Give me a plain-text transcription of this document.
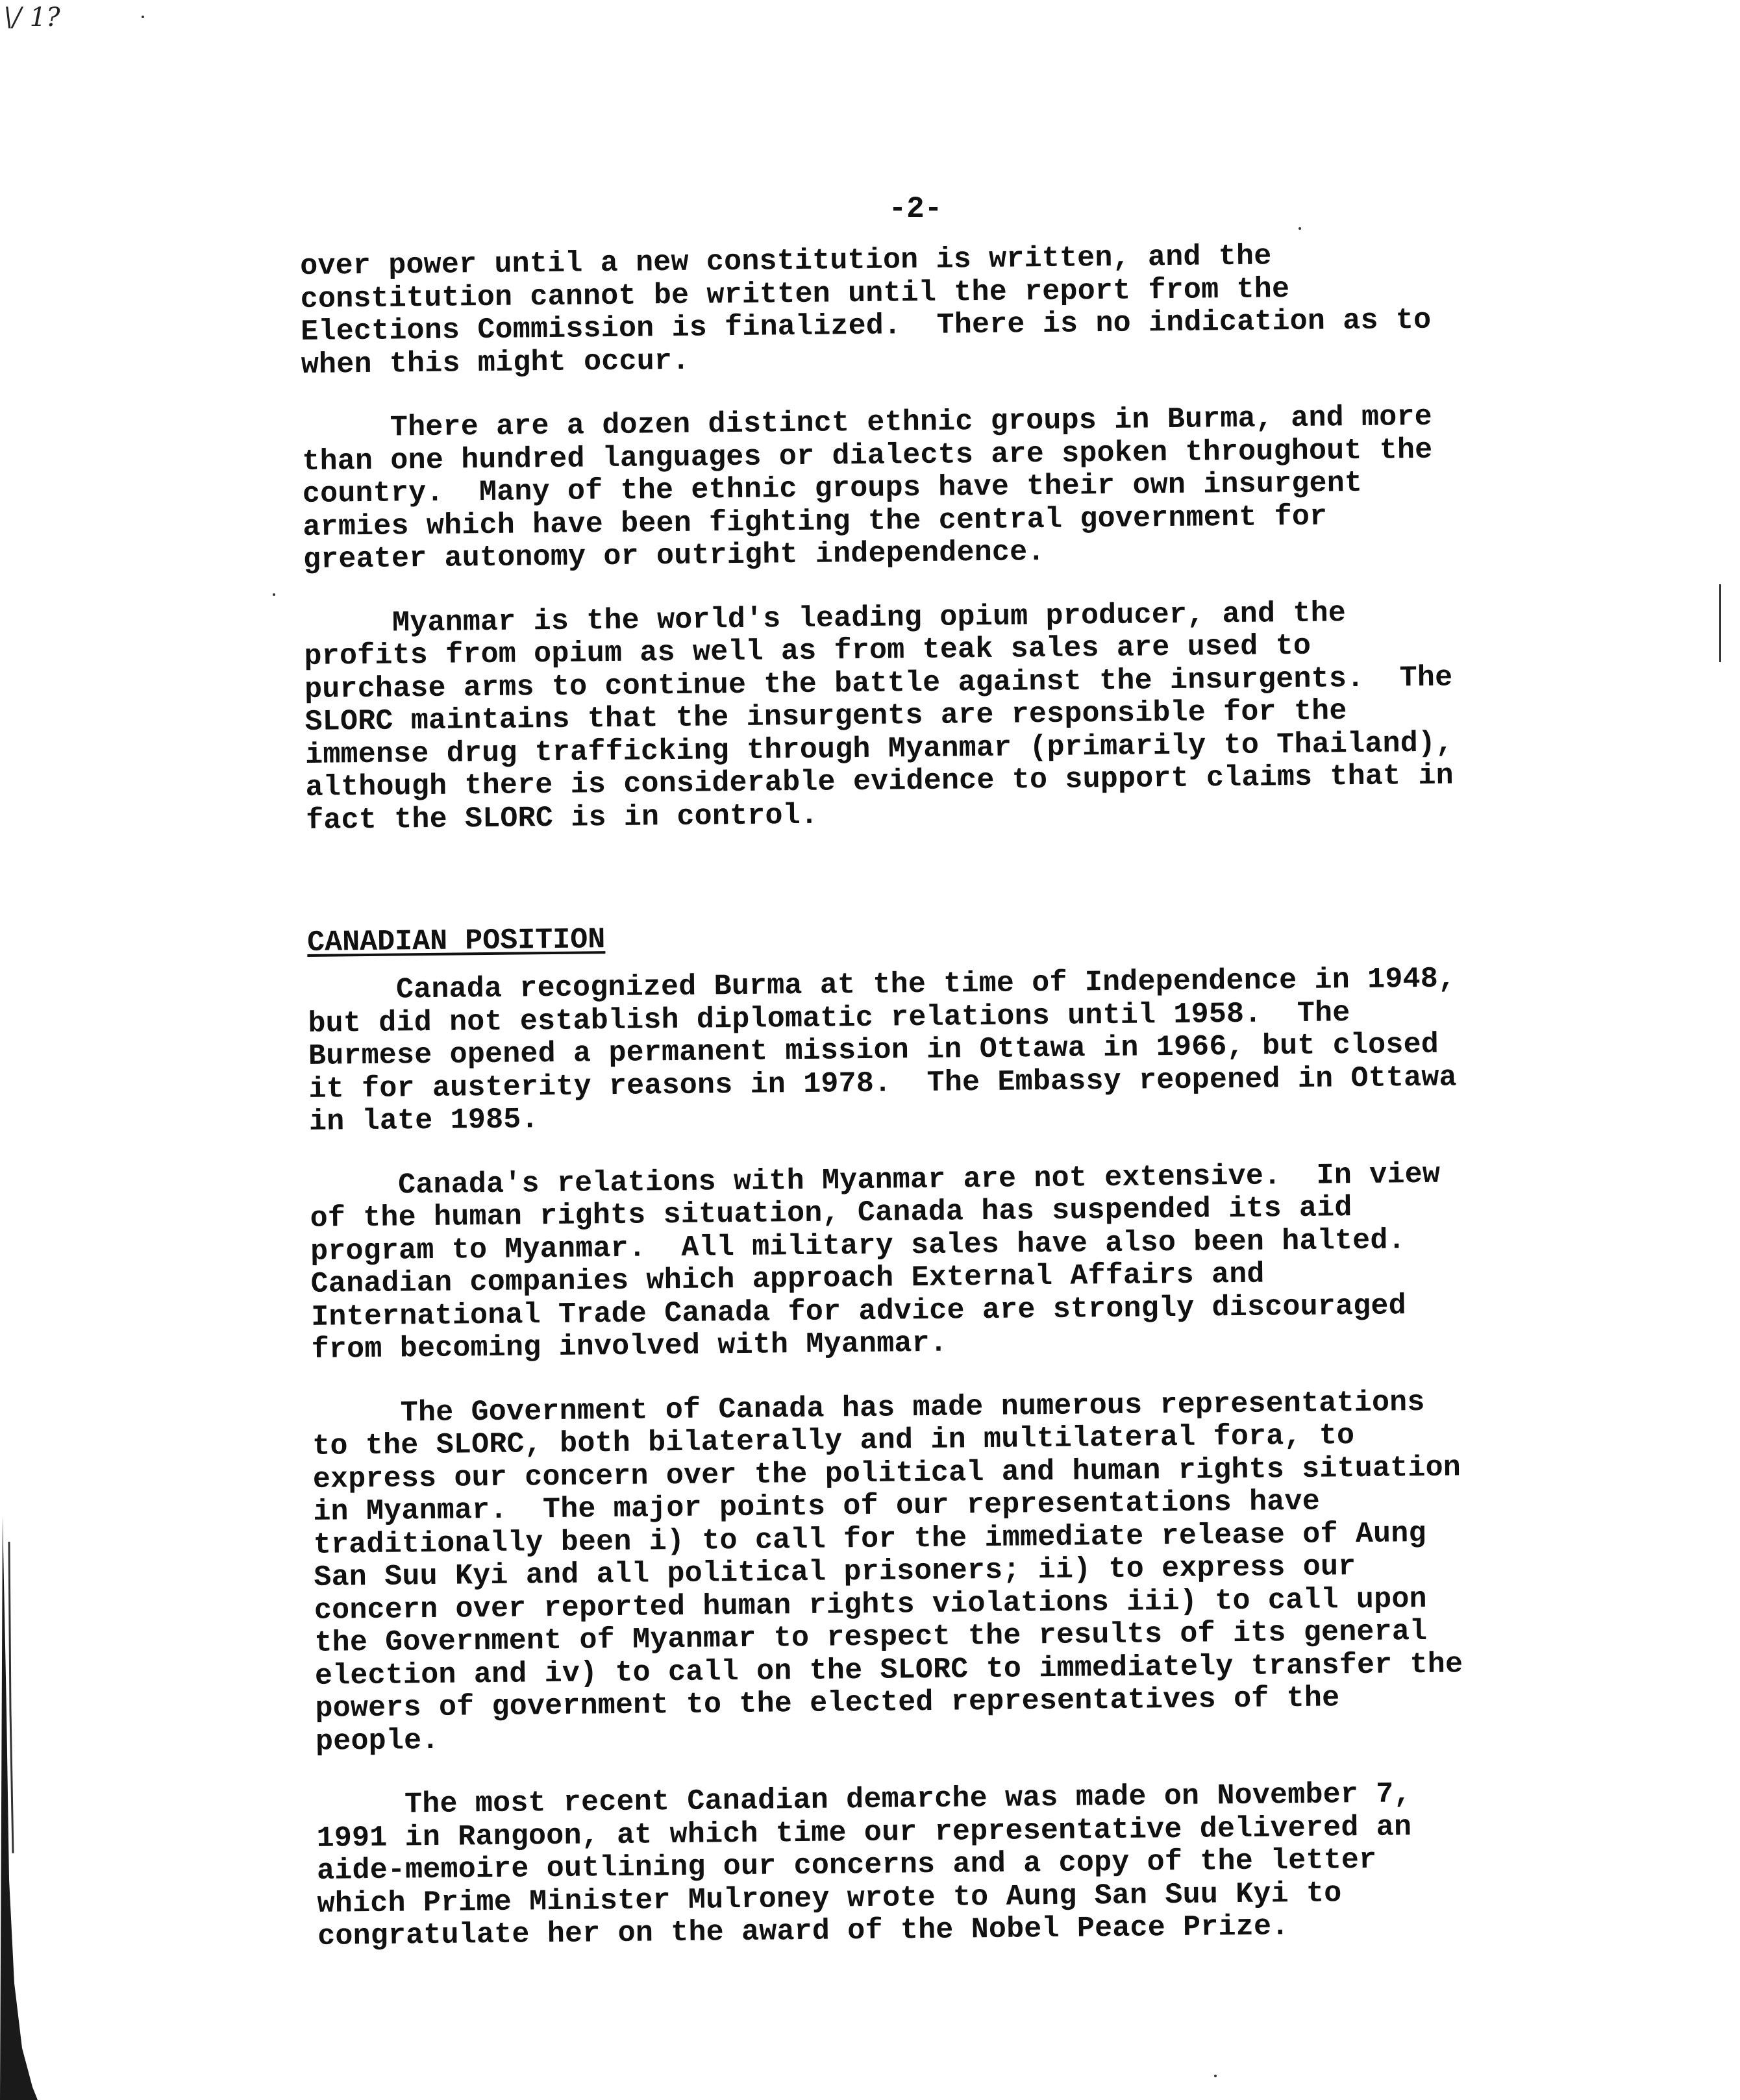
\/ 1?
-2-

over power until a new constitution is written, and the
constitution cannot be written until the report from the
Elections Commission is finalized.  There is no indication as to
when this might occur.

There are a dozen distinct ethnic groups in Burma, and more
than one hundred languages or dialects are spoken throughout the
country.  Many of the ethnic groups have their own insurgent
armies which have been fighting the central government for
greater autonomy or outright independence.

Myanmar is the world's leading opium producer, and the
profits from opium as well as from teak sales are used to
purchase arms to continue the battle against the insurgents.  The
SLORC maintains that the insurgents are responsible for the
immense drug trafficking through Myanmar (primarily to Thailand),
although there is considerable evidence to support claims that in
fact the SLORC is in control.

CANADIAN POSITION

Canada recognized Burma at the time of Independence in 1948,
but did not establish diplomatic relations until 1958.  The
Burmese opened a permanent mission in Ottawa in 1966, but closed
it for austerity reasons in 1978.  The Embassy reopened in Ottawa
in late 1985.

Canada's relations with Myanmar are not extensive.  In view
of the human rights situation, Canada has suspended its aid
program to Myanmar.  All military sales have also been halted.
Canadian companies which approach External Affairs and
International Trade Canada for advice are strongly discouraged
from becoming involved with Myanmar.

The Government of Canada has made numerous representations
to the SLORC, both bilaterally and in multilateral fora, to
express our concern over the political and human rights situation
in Myanmar.  The major points of our representations have
traditionally been i) to call for the immediate release of Aung
San Suu Kyi and all political prisoners; ii) to express our
concern over reported human rights violations iii) to call upon
the Government of Myanmar to respect the results of its general
election and iv) to call on the SLORC to immediately transfer the
powers of government to the elected representatives of the
people.

The most recent Canadian demarche was made on November 7,
1991 in Rangoon, at which time our representative delivered an
aide-memoire outlining our concerns and a copy of the letter
which Prime Minister Mulroney wrote to Aung San Suu Kyi to
congratulate her on the award of the Nobel Peace Prize.
